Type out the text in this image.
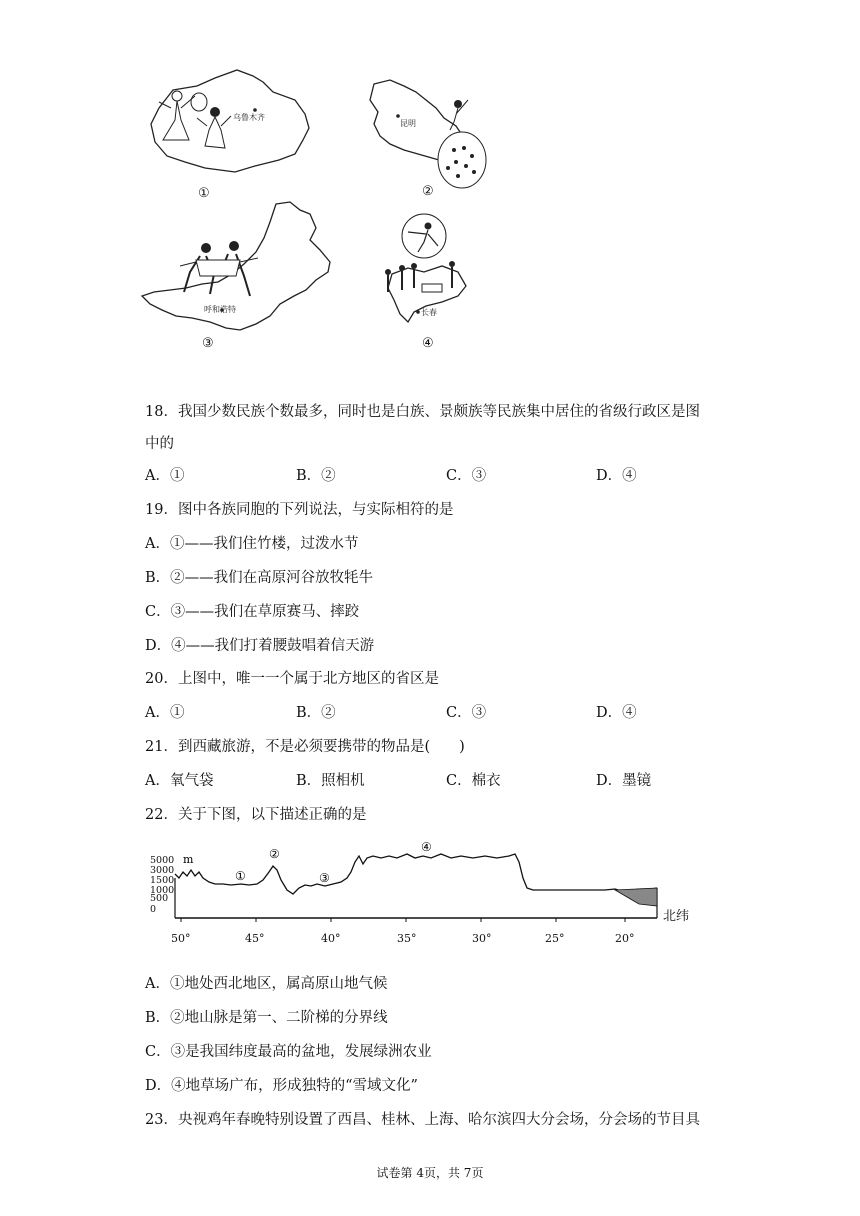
乌鲁木齐
①
昆明
②
呼和浩特
③
长春
④
18．我国少数民族个数最多，同时也是白族、景颇族等民族集中居住的省级行政区是图
中的
A．①	B．②	C．③	D．④
19．图中各族同胞的下列说法，与实际相符的是
A．①——我们住竹楼，过泼水节
B．②——我们在高原河谷放牧牦牛
C．③——我们在草原赛马、摔跤
D．④——我们打着腰鼓唱着信天游
20．上图中，唯一一个属于北方地区的省区是
A．①	B．②	C．③	D．④
21．到西藏旅游，不是必须要携带的物品是(　　)
A．氧气袋	B．照相机	C．棉衣	D．墨镜
22．关于下图，以下描述正确的是
5000
3000
1500
1000
500
0
m
50°	45°	40°	35°	30°	25°	20°
北纬
①
②
③
④
A．①地处西北地区，属高原山地气候
B．②地山脉是第一、二阶梯的分界线
C．③是我国纬度最高的盆地，发展绿洲农业
D．④地草场广布，形成独特的“雪域文化”
23．央视鸡年春晚特别设置了西昌、桂林、上海、哈尔滨四大分会场，分会场的节目具
试卷第 4页，共 7页
